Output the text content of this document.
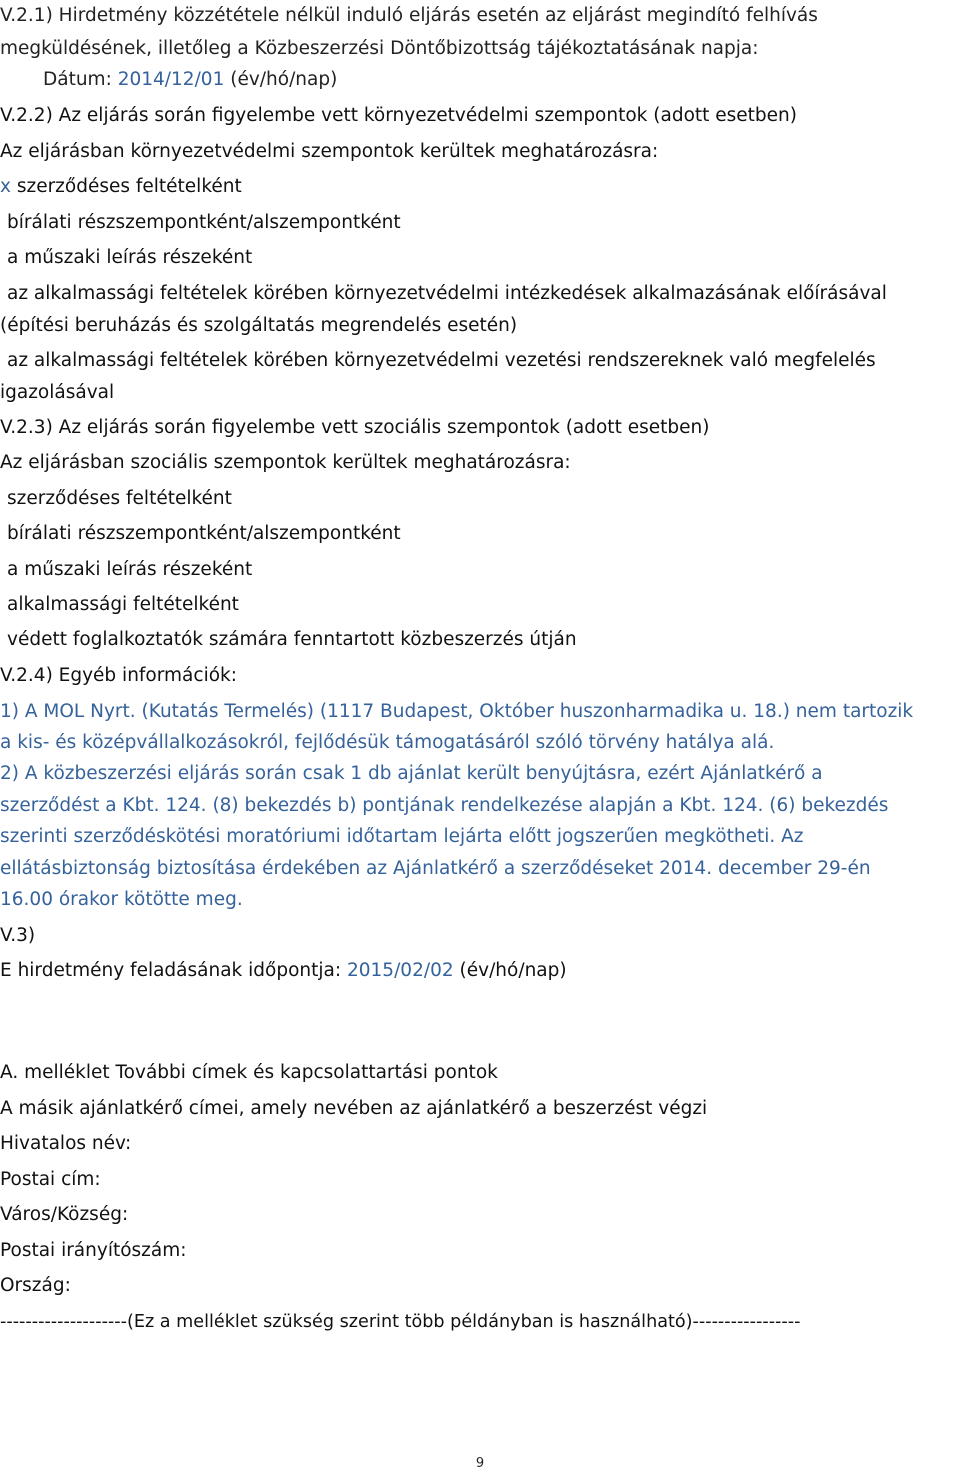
V.2.1) Hirdetmény közzététele nélkül induló eljárás esetén az eljárást megindító felhívás
megküldésének, illetőleg a Közbeszerzési Döntőbizottság tájékoztatásának napja:
Dátum: 2014/12/01 (év/hó/nap)
V.2.2) Az eljárás során figyelembe vett környezetvédelmi szempontok (adott esetben)
Az eljárásban környezetvédelmi szempontok kerültek meghatározásra:
x szerződéses feltételként
bírálati részszempontként/alszempontként
a műszaki leírás részeként
az alkalmassági feltételek körében környezetvédelmi intézkedések alkalmazásának előírásával
(építési beruházás és szolgáltatás megrendelés esetén)
az alkalmassági feltételek körében környezetvédelmi vezetési rendszereknek való megfelelés
igazolásával
V.2.3) Az eljárás során figyelembe vett szociális szempontok (adott esetben)
Az eljárásban szociális szempontok kerültek meghatározásra:
szerződéses feltételként
bírálati részszempontként/alszempontként
a műszaki leírás részeként
alkalmassági feltételként
védett foglalkoztatók számára fenntartott közbeszerzés útján
V.2.4) Egyéb információk:
1) A MOL Nyrt. (Kutatás Termelés) (1117 Budapest, Október huszonharmadika u. 18.) nem tartozik
a kis- és középvállalkozásokról, fejlődésük támogatásáról szóló törvény hatálya alá.
2) A közbeszerzési eljárás során csak 1 db ajánlat került benyújtásra, ezért Ajánlatkérő a
szerződést a Kbt. 124. (8) bekezdés b) pontjának rendelkezése alapján a Kbt. 124. (6) bekezdés
szerinti szerződéskötési moratóriumi időtartam lejárta előtt jogszerűen megkötheti. Az
ellátásbiztonság biztosítása érdekében az Ajánlatkérő a szerződéseket 2014. december 29-én
16.00 órakor kötötte meg.
V.3)
E hirdetmény feladásának időpontja: 2015/02/02 (év/hó/nap)
A. melléklet További címek és kapcsolattartási pontok
A másik ajánlatkérő címei, amely nevében az ajánlatkérő a beszerzést végzi
Hivatalos név:
Postai cím:
Város/Község:
Postai irányítószám:
Ország:
--------------------(Ez a melléklet szükség szerint több példányban is használható)-----------------
9
